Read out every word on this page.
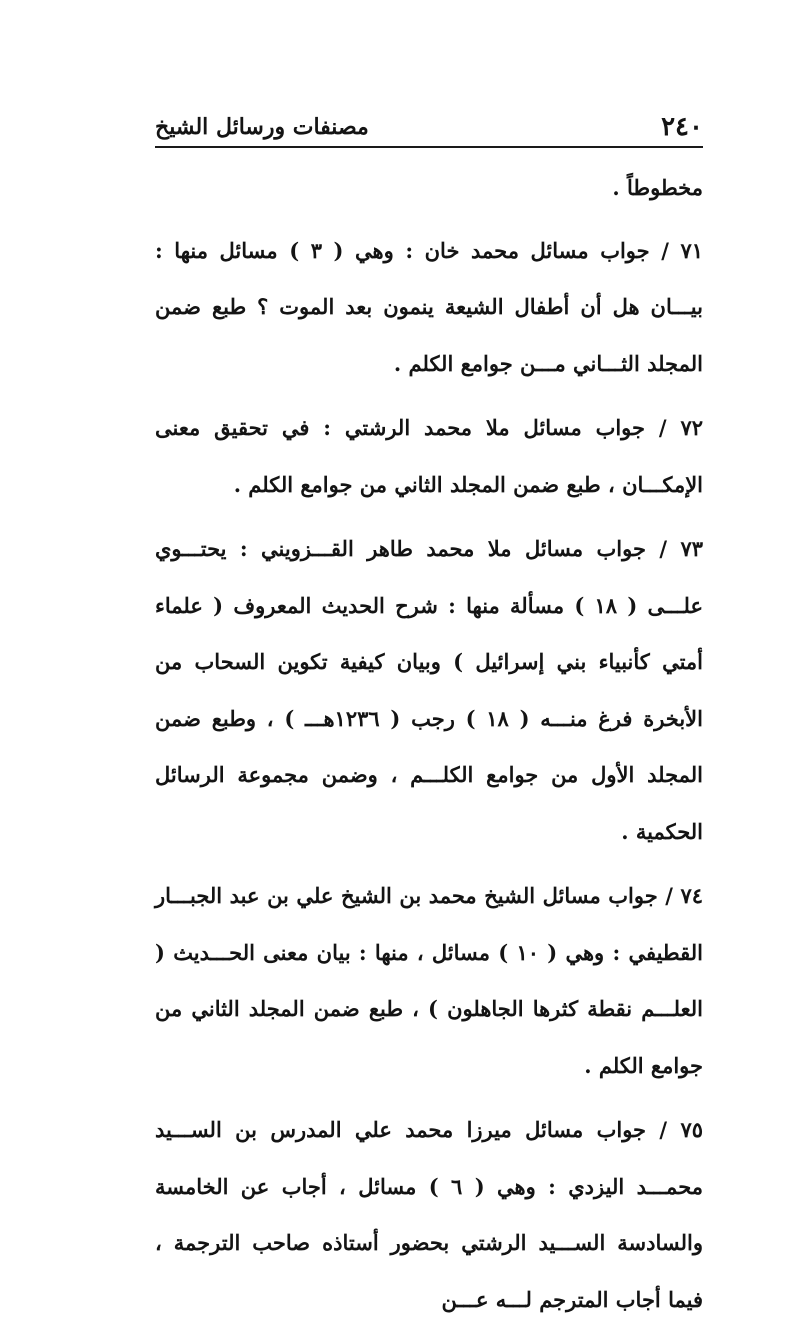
٢٤٠
مصنفات ورسائل الشيخ

مخطوطاً .

٧١ / جواب مسائل محمد خان : وهي ( ٣ ) مسائل منها : بيـــان هل أن أطفال الشيعة ينمون بعد الموت ؟ طبع ضمن المجلد الثـــاني مـــن جوامع الكلم .

٧٢ / جواب مسائل ملا محمد الرشتي : في تحقيق معنى الإمكـــان ، طبع ضمن المجلد الثاني من جوامع الكلم .

٧٣ / جواب مسائل ملا محمد طاهر القـــزويني : يحتـــوي علـــى ( ١٨ ) مسألة منها : شرح الحديث المعروف ( علماء أمتي كأنبياء بني إسرائيل ) وبيان كيفية تكوين السحاب من الأبخرة فرغ منـــه ( ١٨ ) رجب ( ١٢٣٦هـــ ) ، وطبع ضمن المجلد الأول من جوامع الكلـــم ، وضمن مجموعة الرسائل الحكمية .

٧٤ / جواب مسائل الشيخ محمد بن الشيخ علي بن عبد الجبـــار القطيفي : وهي ( ١٠ ) مسائل ، منها : بيان معنى الحـــديث ( العلـــم نقطة كثرها الجاهلون ) ، طبع ضمن المجلد الثاني من جوامع الكلم .

٧٥ / جواب مسائل ميرزا محمد علي المدرس بن الســـيد محمـــد اليزدي : وهي ( ٦ ) مسائل ، أجاب عن الخامسة والسادسة الســـيد الرشتي بحضور أستاذه صاحب الترجمة ، فيما أجاب المترجم لـــه عـــن
